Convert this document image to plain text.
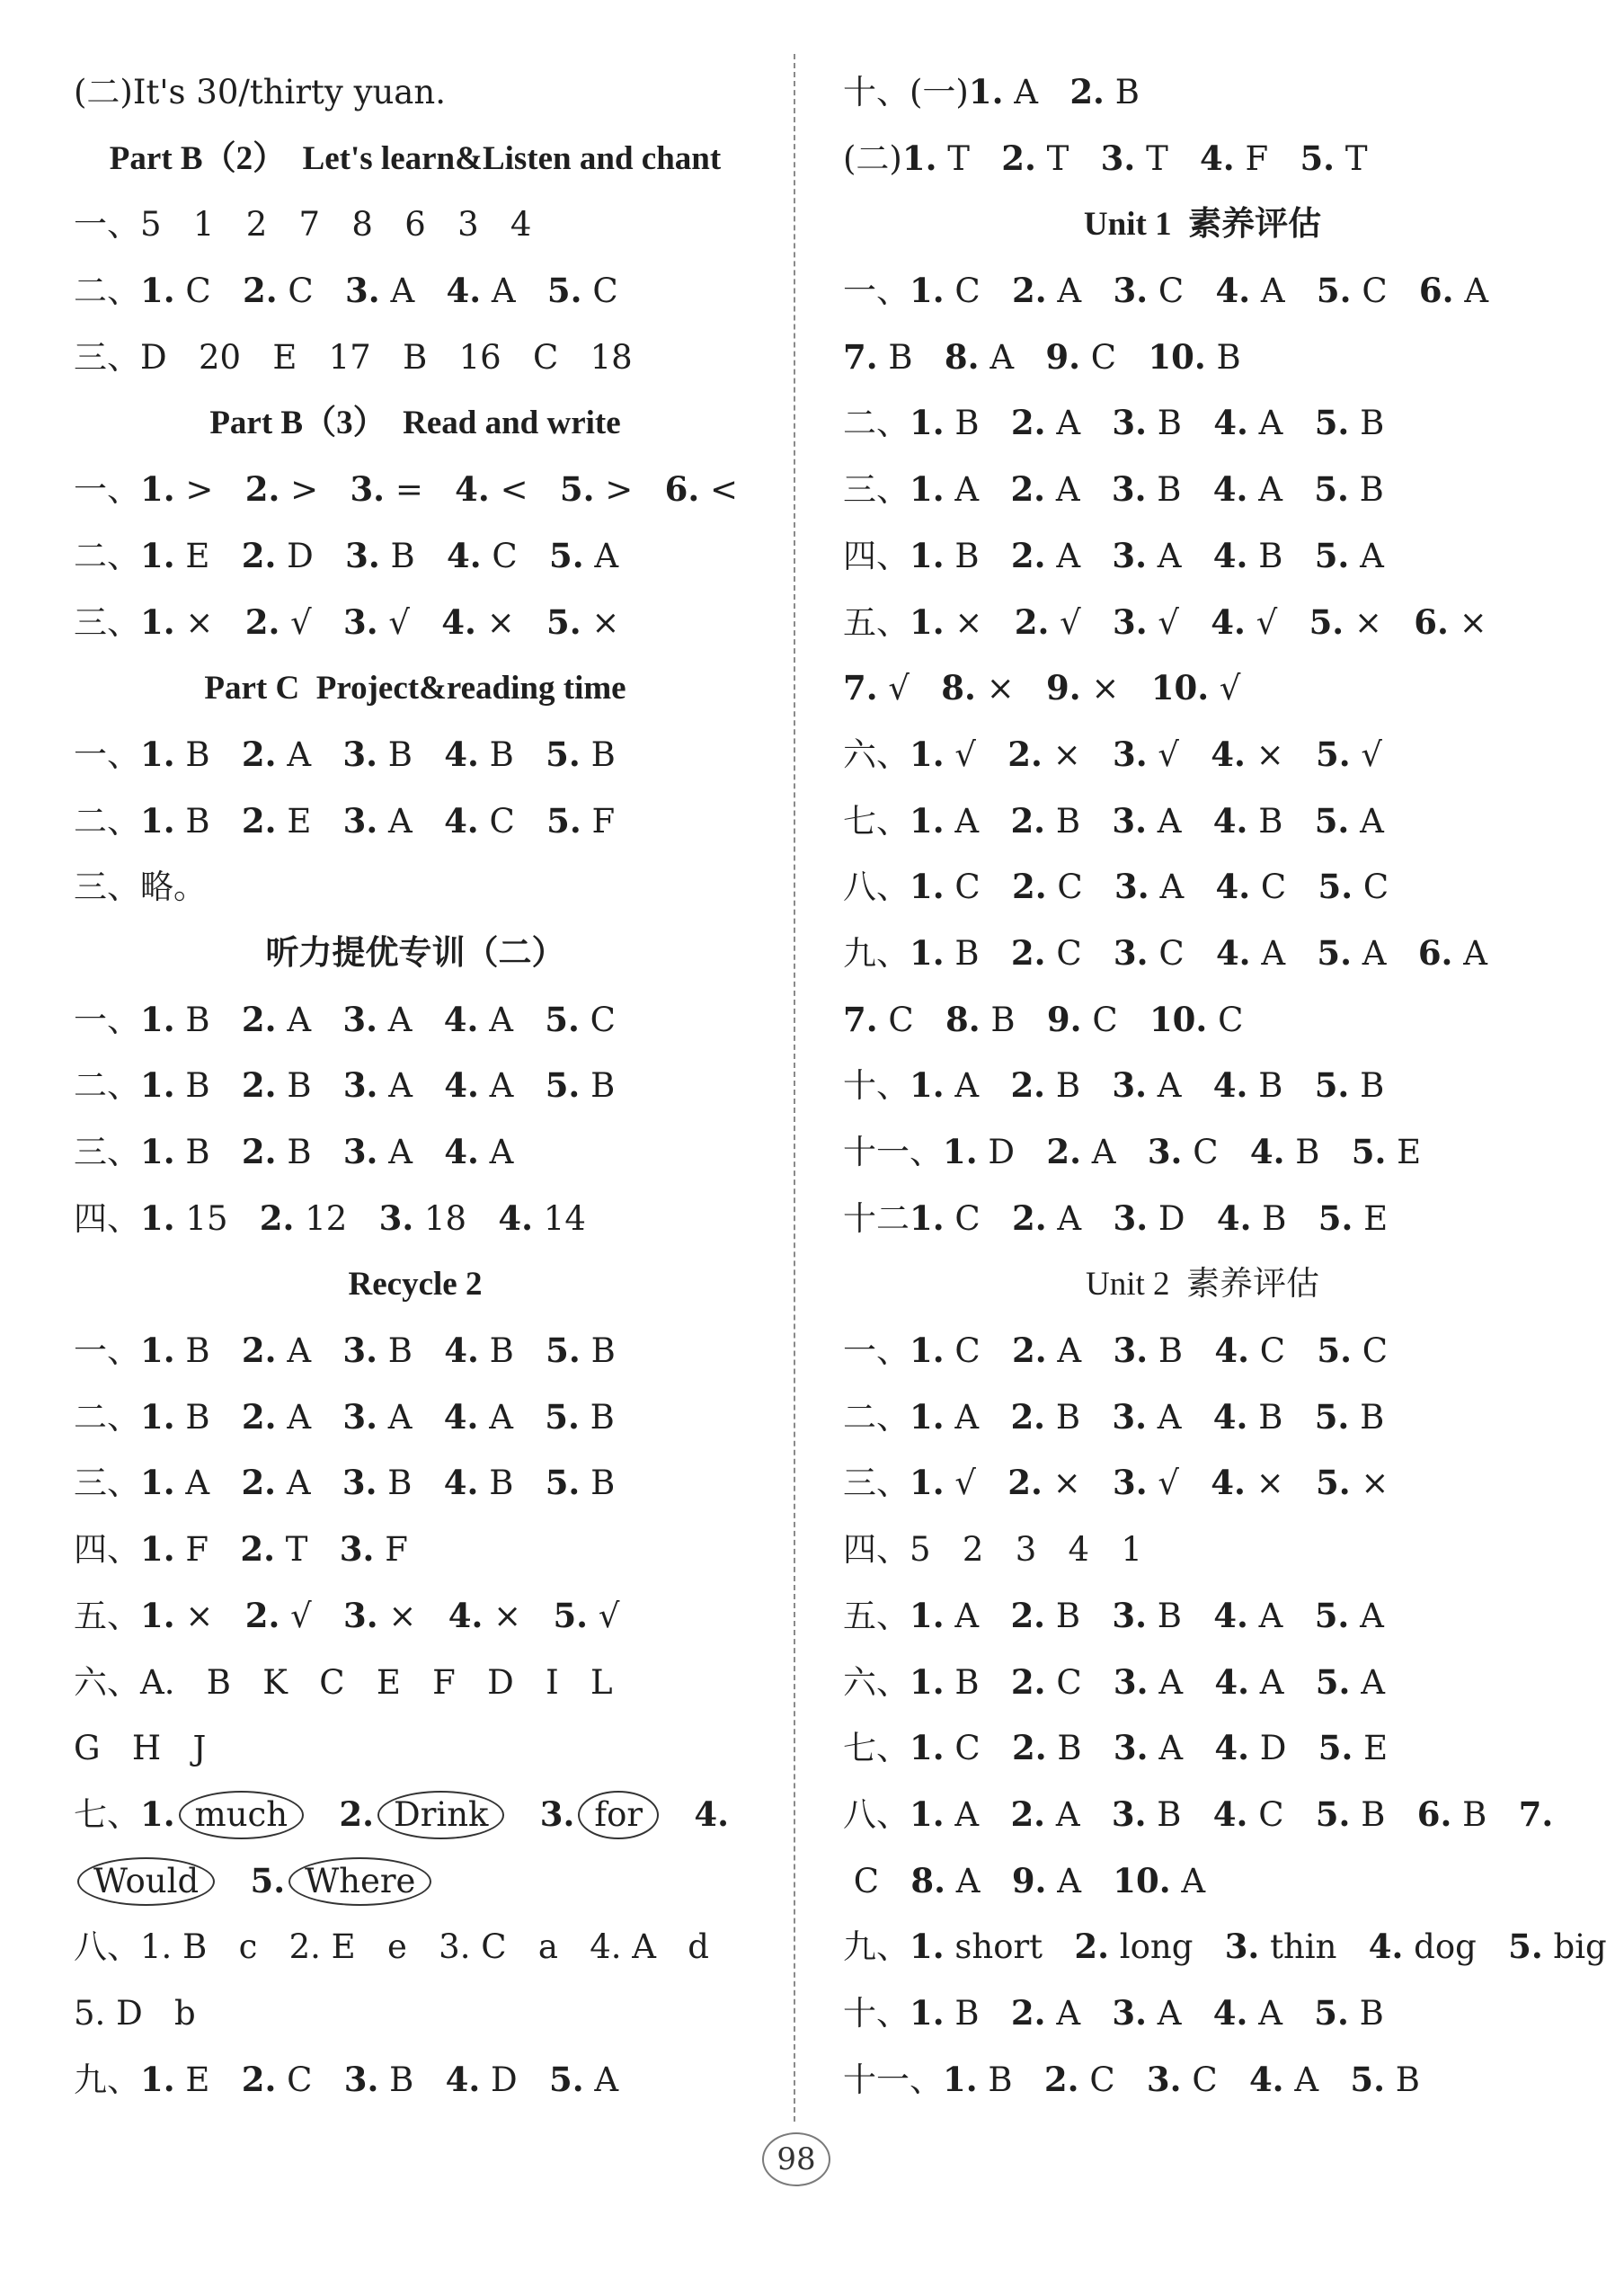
(二)It's 30/thirty yuan.
Part B（2）  Let's learn&Listen and chant
一、5 1 2 7 8 6 3 4
二、1. C 2. C 3. A 4. A 5. C
三、D 20 E 17 B 16 C 18
Part B（3）  Read and write
一、1. > 2. > 3. = 4. < 5. > 6. <
二、1. E 2. D 3. B 4. C 5. A
三、1. × 2. √ 3. √ 4. × 5. ×
Part C  Project&reading time
一、1. B 2. A 3. B 4. B 5. B
二、1. B 2. E 3. A 4. C 5. F
三、略。
听力提优专训（二）
一、1. B 2. A 3. A 4. A 5. C
二、1. B 2. B 3. A 4. A 5. B
三、1. B 2. B 3. A 4. A
四、1. 15 2. 12 3. 18 4. 14
Recycle 2
一、1. B 2. A 3. B 4. B 5. B
二、1. B 2. A 3. A 4. A 5. B
三、1. A 2. A 3. B 4. B 5. B
四、1. F 2. T 3. F
五、1. × 2. √ 3. × 4. × 5. √
六、A. B K C E F D I L
G H J
七、1. much 2. Drink 3. for 4.
Would 5. Where
八、1. B c 2. E e 3. C a 4. A d
5. D b
九、1. E 2. C 3. B 4. D 5. A
十、(一)1. A 2. B
(二)1. T 2. T 3. T 4. F 5. T
Unit 1  素养评估
一、1. C 2. A 3. C 4. A 5. C 6. A
7. B 8. A 9. C 10. B
二、1. B 2. A 3. B 4. A 5. B
三、1. A 2. A 3. B 4. A 5. B
四、1. B 2. A 3. A 4. B 5. A
五、1. × 2. √ 3. √ 4. √ 5. × 6. ×
7. √ 8. × 9. × 10. √
六、1. √ 2. × 3. √ 4. × 5. √
七、1. A 2. B 3. A 4. B 5. A
八、1. C 2. C 3. A 4. C 5. C
九、1. B 2. C 3. C 4. A 5. A 6. A
7. C 8. B 9. C 10. C
十、1. A 2. B 3. A 4. B 5. B
十一、1. D 2. A 3. C 4. B 5. E
十二1. C 2. A 3. D 4. B 5. E
Unit 2  素养评估
一、1. C 2. A 3. B 4. C 5. C
二、1. A 2. B 3. A 4. B 5. B
三、1. √ 2. × 3. √ 4. × 5. ×
四、5 2 3 4 1
五、1. A 2. B 3. B 4. A 5. A
六、1. B 2. C 3. A 4. A 5. A
七、1. C 2. B 3. A 4. D 5. E
八、1. A 2. A 3. B 4. C 5. B 6. B 7.
C 8. A 9. A 10. A
九、1. short 2. long 3. thin 4. dog 5. big
十、1. B 2. A 3. A 4. A 5. B
十一、1. B 2. C 3. C 4. A 5. B
98
